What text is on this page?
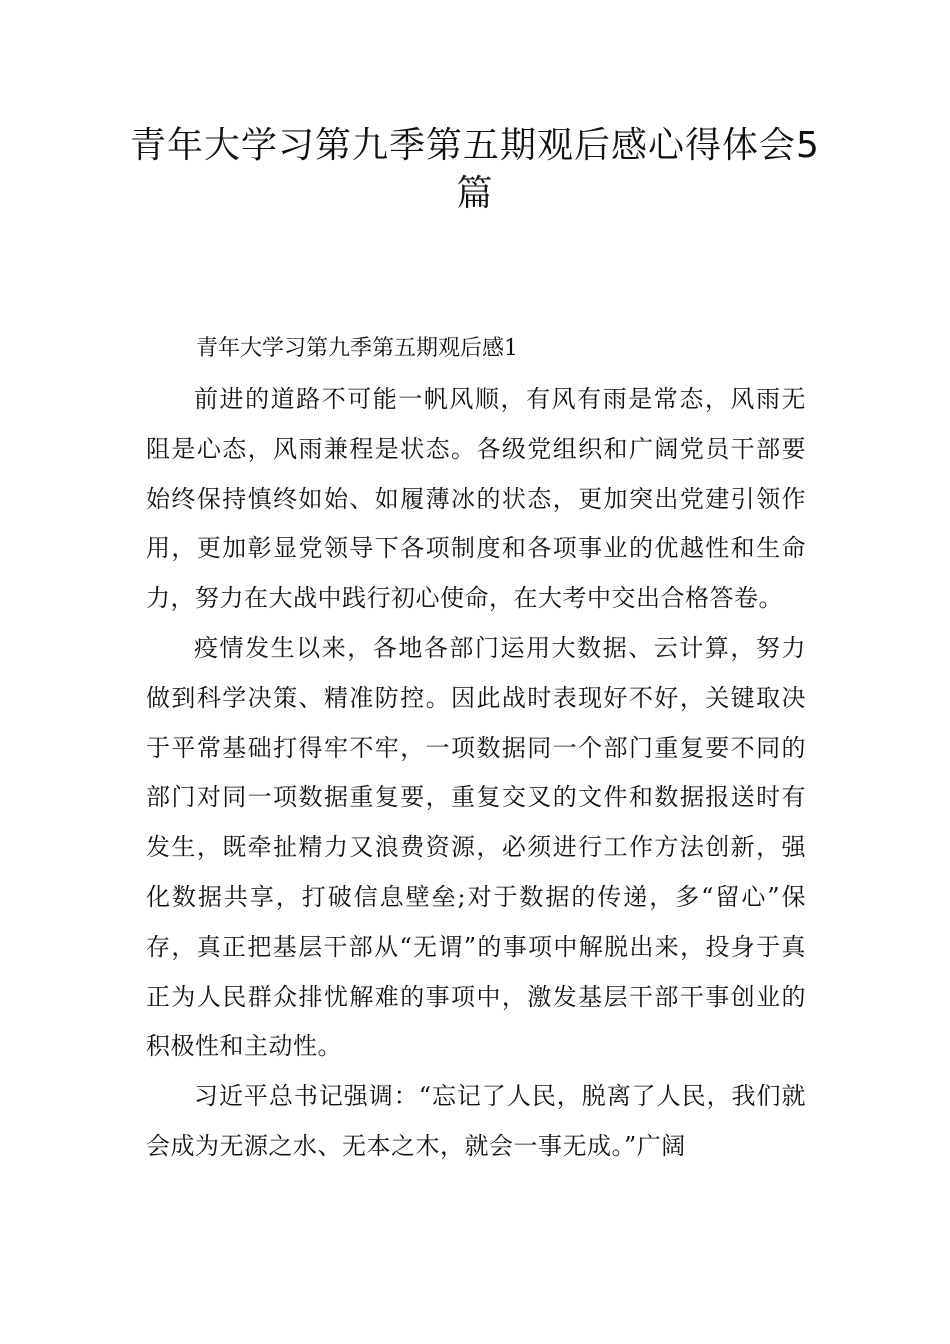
青年大学习第九季第五期观后感心得体会5篇

青年大学习第九季第五期观后感1

前进的道路不可能一帆风顺，有风有雨是常态，风雨无阻是心态，风雨兼程是状态。各级党组织和广阔党员干部要始终保持慎终如始、如履薄冰的状态，更加突出党建引领作用，更加彰显党领导下各项制度和各项事业的优越性和生命力，努力在大战中践行初心使命，在大考中交出合格答卷。

疫情发生以来，各地各部门运用大数据、云计算，努力做到科学决策、精准防控。因此战时表现好不好，关键取决于平常基础打得牢不牢，一项数据同一个部门重复要不同的部门对同一项数据重复要，重复交叉的文件和数据报送时有发生，既牵扯精力又浪费资源，必须进行工作方法创新，强化数据共享，打破信息壁垒;对于数据的传递，多“留心”保存，真正把基层干部从“无谓”的事项中解脱出来，投身于真正为人民群众排忧解难的事项中，激发基层干部干事创业的积极性和主动性。

习近平总书记强调：“忘记了人民，脱离了人民，我们就会成为无源之水、无本之木，就会一事无成。”广阔
